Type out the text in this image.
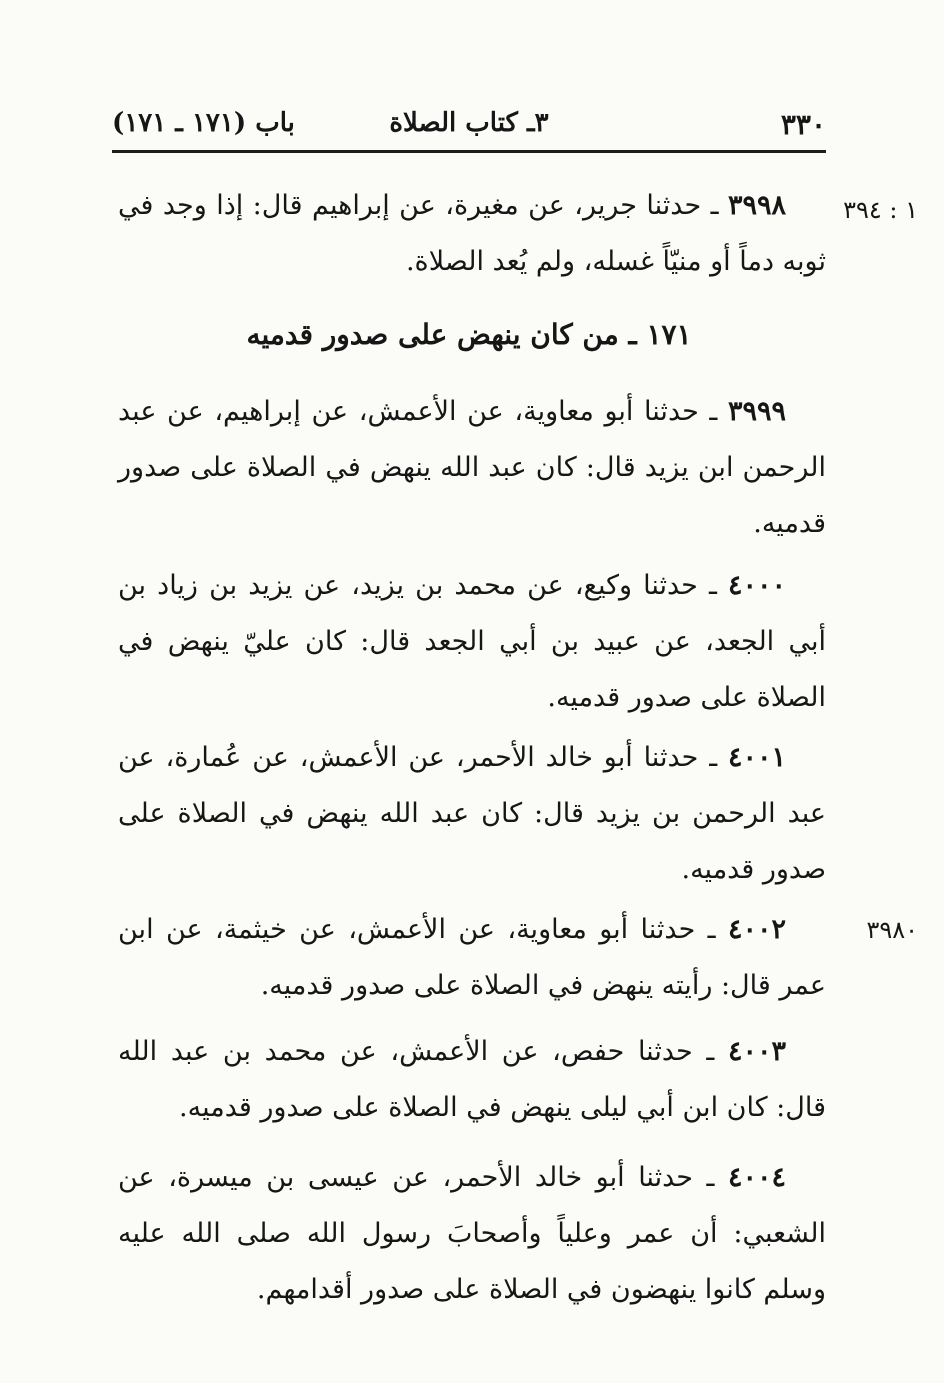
٣٣٠
٣ـ كتاب الصلاة
باب (١٧١ ـ ١٧١)
١ : ٣٩٤

٣٩٩٨ ـ حدثنا جرير، عن مغيرة، عن إبراهيم قال: إذا وجد في ثوبه دماً أو منيّاً غسله، ولم يُعد الصلاة.

١٧١ ـ من كان ينهض على صدور قدميه

٣٩٩٩ ـ حدثنا أبو معاوية، عن الأعمش، عن إبراهيم، عن عبد الرحمن ابن يزيد قال: كان عبد الله ينهض في الصلاة على صدور قدميه.

٤٠٠٠ ـ حدثنا وكيع، عن محمد بن يزيد، عن يزيد بن زياد بن أبي الجعد، عن عبيد بن أبي الجعد قال: كان عليّ ينهض في الصلاة على صدور قدميه.

٤٠٠١ ـ حدثنا أبو خالد الأحمر، عن الأعمش، عن عُمارة، عن عبد الرحمن بن يزيد قال: كان عبد الله ينهض في الصلاة على صدور قدميه.

٣٩٨٠

٤٠٠٢ ـ حدثنا أبو معاوية، عن الأعمش، عن خيثمة، عن ابن عمر قال: رأيته ينهض في الصلاة على صدور قدميه.

٤٠٠٣ ـ حدثنا حفص، عن الأعمش، عن محمد بن عبد الله قال: كان ابن أبي ليلى ينهض في الصلاة على صدور قدميه.

٤٠٠٤ ـ حدثنا أبو خالد الأحمر، عن عيسى بن ميسرة، عن الشعبي: أن عمر وعلياً وأصحابَ رسول الله صلى الله عليه وسلم كانوا ينهضون في الصلاة على صدور أقدامهم.
